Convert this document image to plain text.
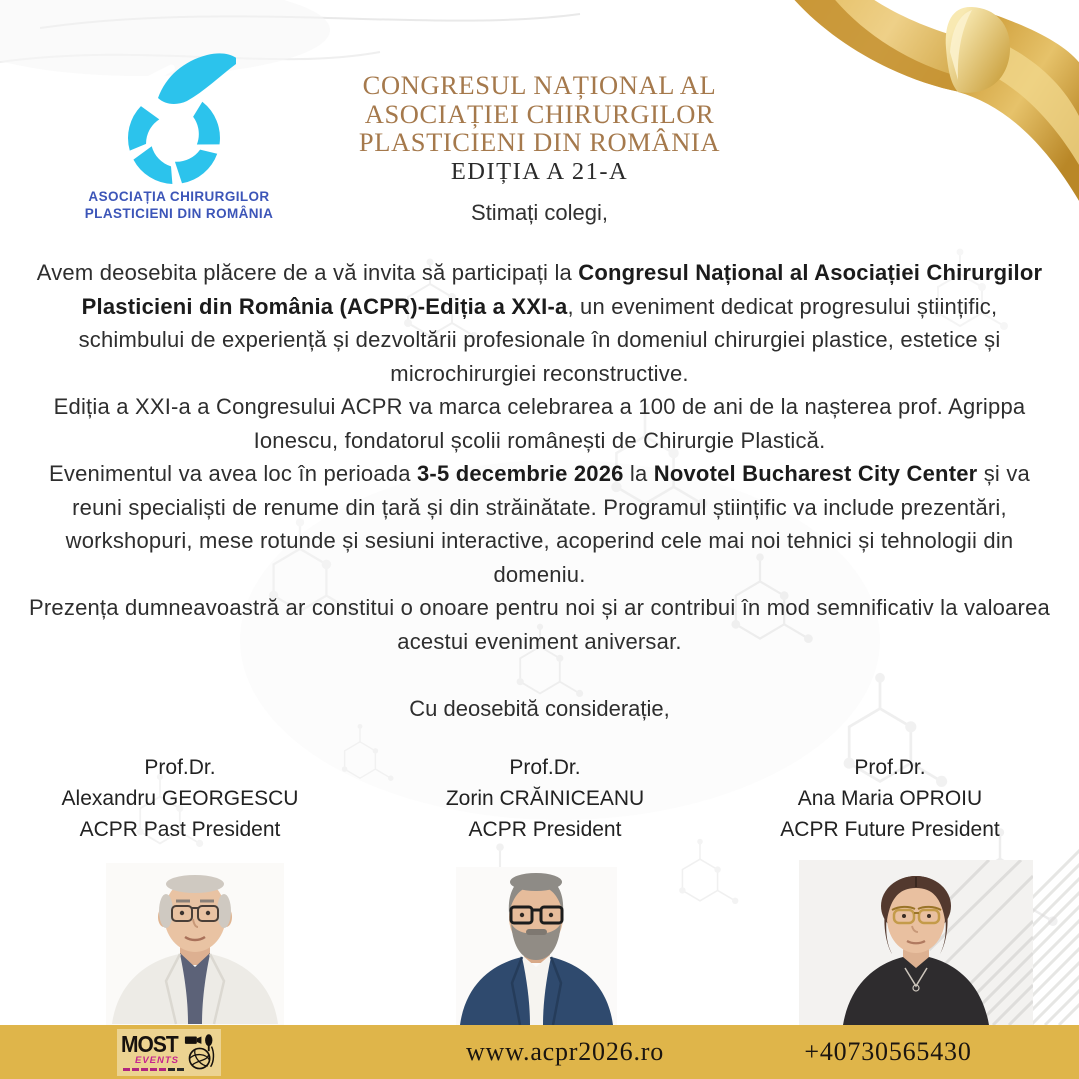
ASOCIAȚIA CHIRURGILOR
PLASTICIENI DIN ROMÂNIA
CONGRESUL NAȚIONAL AL
ASOCIAȚIEI CHIRURGILOR
PLASTICIENI DIN ROMÂNIA
EDIȚIA A 21-A
Stimați colegi,
Avem deosebita plăcere de a vă invita să participați la Congresul Național al Asociației Chirurgilor Plasticieni din România (ACPR)-Ediția a XXI-a, un eveniment dedicat progresului științific, schimbului de experiență și dezvoltării profesionale în domeniul chirurgiei plastice, estetice și microchirurgiei reconstructive.
Ediția a XXI-a a Congresului ACPR va marca celebrarea a 100 de ani de la nașterea prof. Agrippa Ionescu, fondatorul școlii românești de Chirurgie Plastică.
Evenimentul va avea loc în perioada 3-5 decembrie 2026 la Novotel Bucharest City Center și va reuni specialiști de renume din țară și din străinătate. Programul științific va include prezentări, workshopuri, mese rotunde și sesiuni interactive, acoperind cele mai noi tehnici și tehnologii din domeniu.
Prezența dumneavoastră ar constitui o onoare pentru noi și ar contribui în mod semnificativ la valoarea acestui eveniment aniversar.
Cu deosebită considerație,
Prof.Dr.
Alexandru GEORGESCU
ACPR Past President
Prof.Dr.
Zorin CRĂINICEANU
ACPR President
Prof.Dr.
Ana Maria OPROIU
ACPR Future President
MOST
EVENTS	www.acpr2026.ro	+40730565430
